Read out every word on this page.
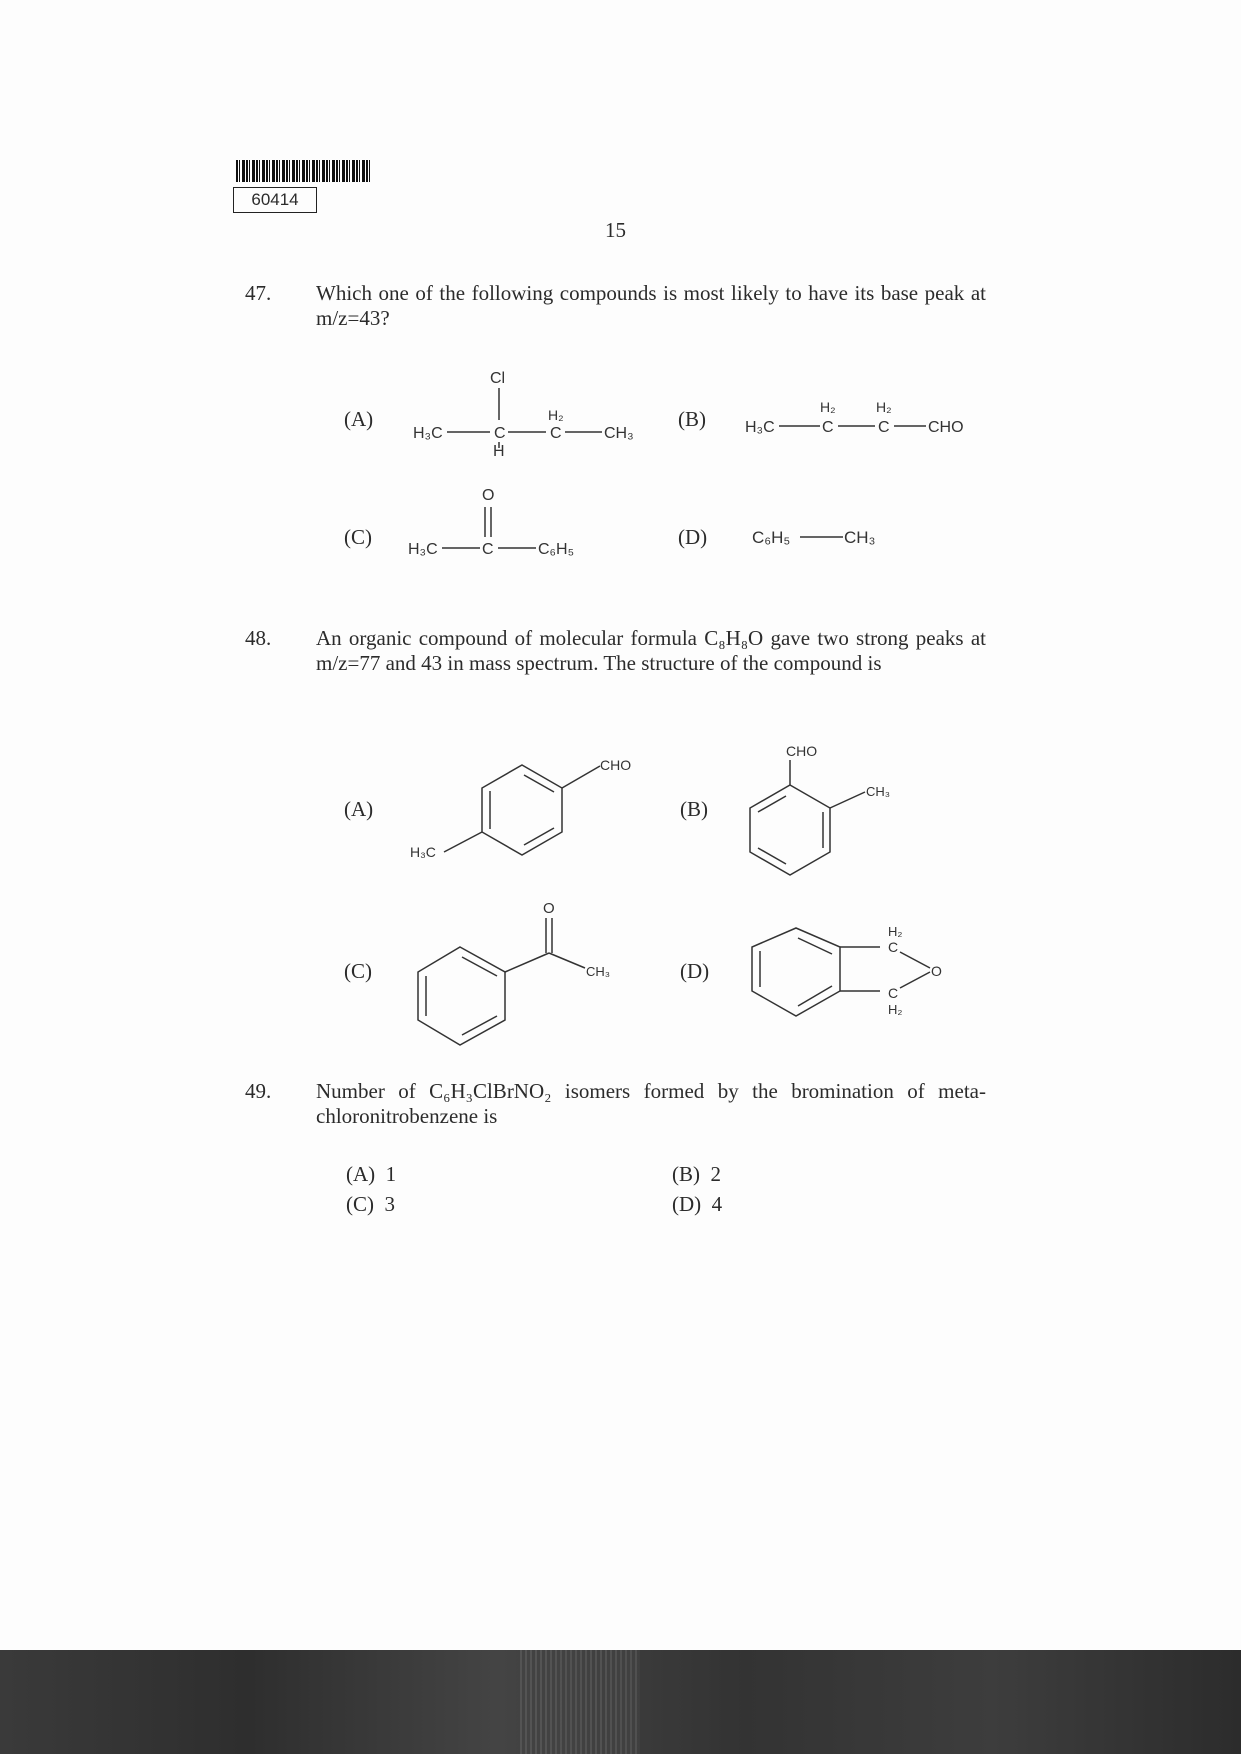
60414
15
47. Which one of the following compounds is most likely to have its base peak at m/z=43?
(A)	(B)
(C)	(D)
Cl
H₃C	C
H
H₂
C	CH₃	H₃C
H₂
C
H₂
C CHO
O
H₃C	C	C₆H₅
C₆H₅	CH₃
CHO
H₃C
CHO
CH₃
O
CH₃
H₂
C
O
C
H₂
48. An organic compound of molecular formula C₈H₈O gave two strong peaks at m/z=77 and 43 in mass spectrum. The structure of the compound is
(A)	(B)
(C)	(D)
49. Number of C₆H₃ClBrNO₂ isomers formed by the bromination of meta-chloronitrobenzene is
(A) 1	(B) 2
(C) 3	(D) 4
